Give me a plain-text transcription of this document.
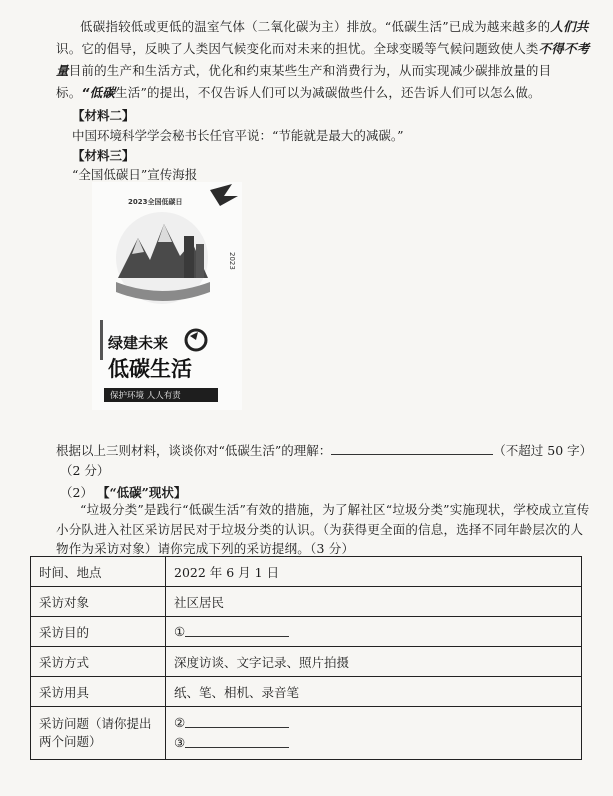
低碳指较低或更低的温室气体（二氧化碳为主）排放。“低碳生活”已成为越来越多的人们共识。它的倡导，反映了人类因气候变化而对未来的担忧。全球变暖等气候问题致使人类不得不考量目前的生产和生活方式，优化和约束某些生产和消费行为，从而实现减少碳排放量的目标。“低碳生活”的提出，不仅告诉人们可以为减碳做些什么，还告诉人们可以怎么做。
【材料二】
中国环境科学学会秘书长任官平说：“节能就是最大的减碳。”
【材料三】
“全国低碳日”宣传海报
2023全国低碳日
2023
绿建未来
低碳生活
保护环境 人人有责
根据以上三则材料，谈谈你对“低碳生活”的理解：	（不超过 50 字）
（2 分）
（2） 【“低碳”现状】
“垃圾分类”是践行“低碳生活”有效的措施，为了解社区“垃圾分类”实施现状，学校成立宣传小分队进入社区采访居民对于垃圾分类的认识。（为获得更全面的信息，选择不同年龄层次的人物作为采访对象）请你完成下列的采访提纲。（3 分）
时间、地点	2022 年 6 月 1 日
采访对象	社区居民
采访目的	①
采访方式	深度访谈、文字记录、照片拍摄
采访用具	纸、笔、相机、录音笔
采访问题（请你提出两个问题）	②
③
